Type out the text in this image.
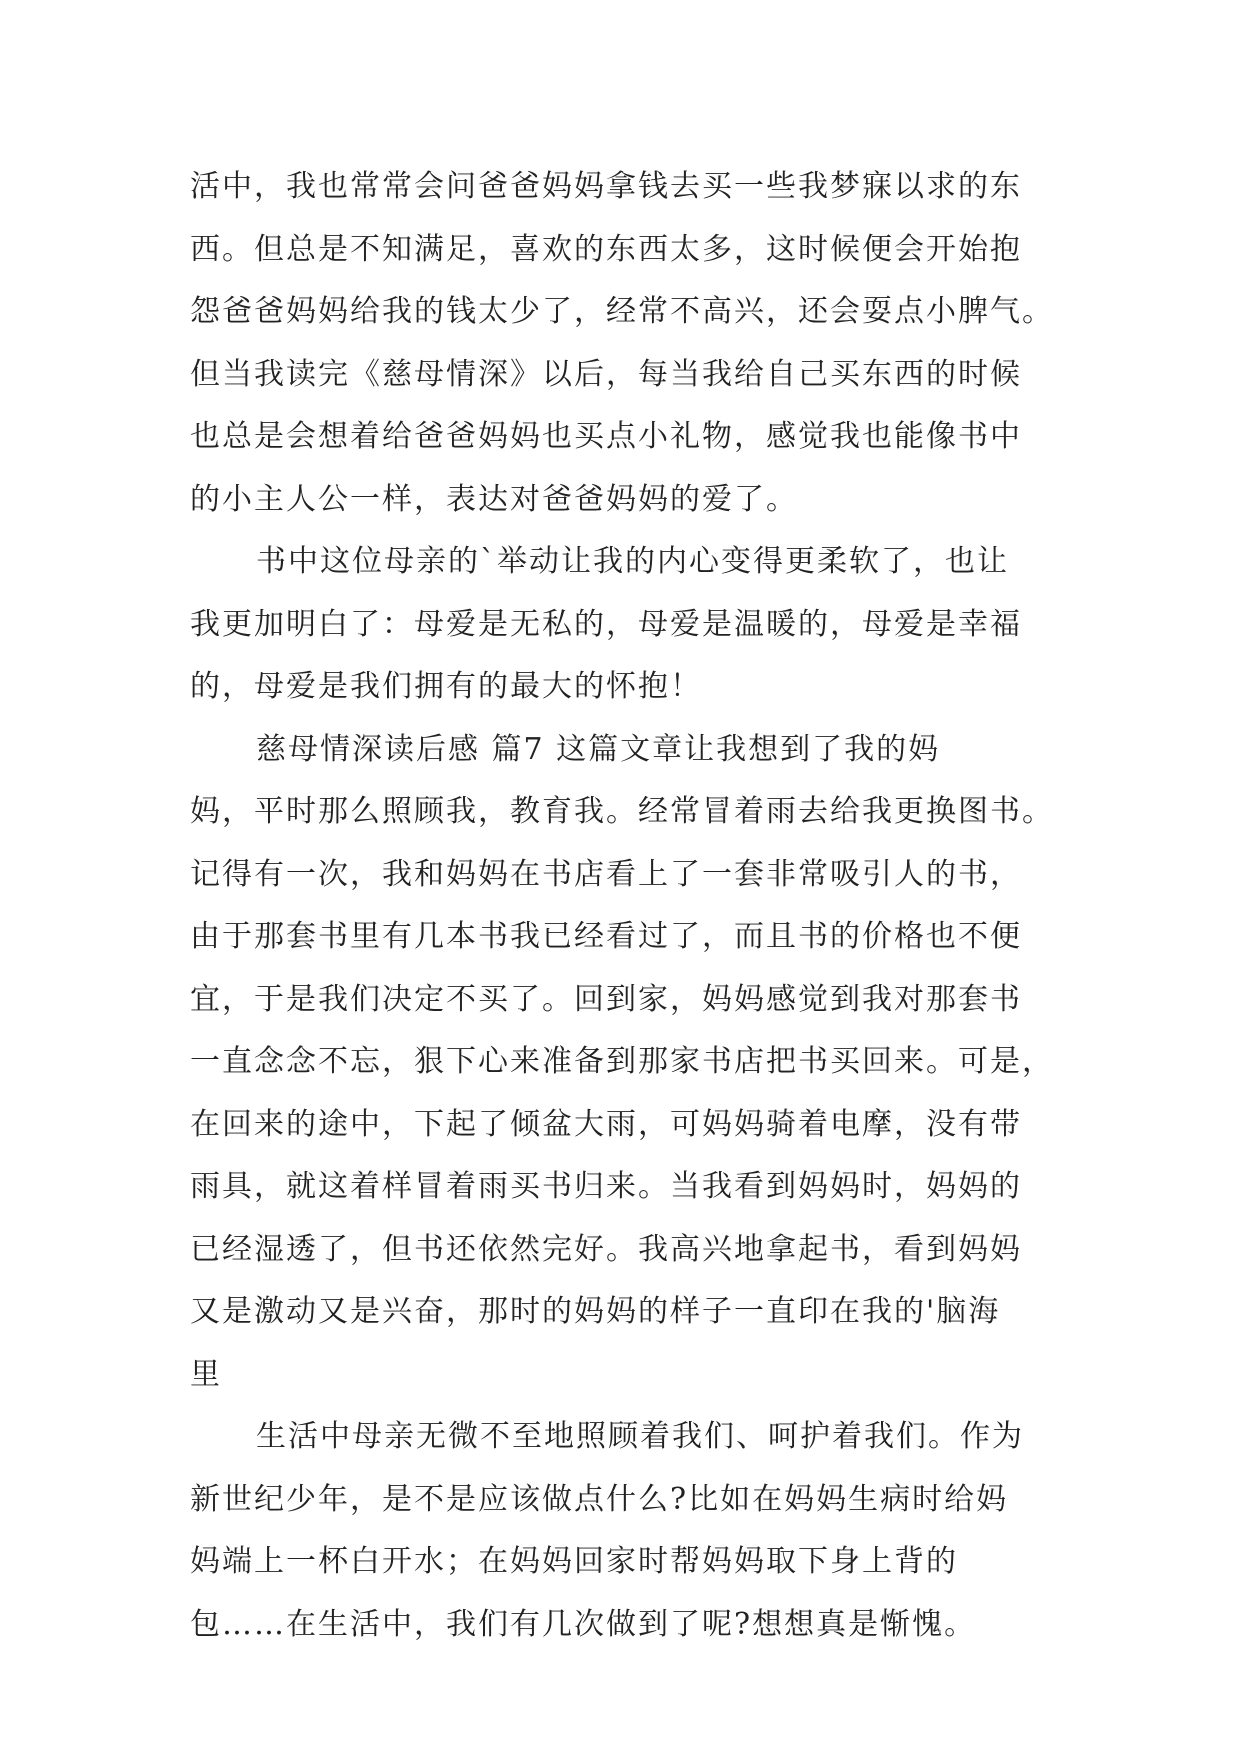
活中，我也常常会问爸爸妈妈拿钱去买一些我梦寐以求的东
西。但总是不知满足，喜欢的东西太多，这时候便会开始抱
怨爸爸妈妈给我的钱太少了，经常不高兴，还会耍点小脾气。
但当我读完《慈母情深》以后，每当我给自己买东西的时候
也总是会想着给爸爸妈妈也买点小礼物，感觉我也能像书中
的小主人公一样，表达对爸爸妈妈的爱了。
书中这位母亲的`举动让我的内心变得更柔软了，也让
我更加明白了：母爱是无私的，母爱是温暖的，母爱是幸福
的，母爱是我们拥有的最大的怀抱！
慈母情深读后感 篇7 这篇文章让我想到了我的妈
妈，平时那么照顾我，教育我。经常冒着雨去给我更换图书。
记得有一次，我和妈妈在书店看上了一套非常吸引人的书，
由于那套书里有几本书我已经看过了，而且书的价格也不便
宜，于是我们决定不买了。回到家，妈妈感觉到我对那套书
一直念念不忘，狠下心来准备到那家书店把书买回来。可是，
在回来的途中，下起了倾盆大雨，可妈妈骑着电摩，没有带
雨具，就这着样冒着雨买书归来。当我看到妈妈时，妈妈的
已经湿透了，但书还依然完好。我高兴地拿起书，看到妈妈
又是激动又是兴奋，那时的妈妈的样子一直印在我的'脑海
里
生活中母亲无微不至地照顾着我们、呵护着我们。作为
新世纪少年，是不是应该做点什么?比如在妈妈生病时给妈
妈端上一杯白开水；在妈妈回家时帮妈妈取下身上背的
包……在生活中，我们有几次做到了呢?想想真是惭愧。
